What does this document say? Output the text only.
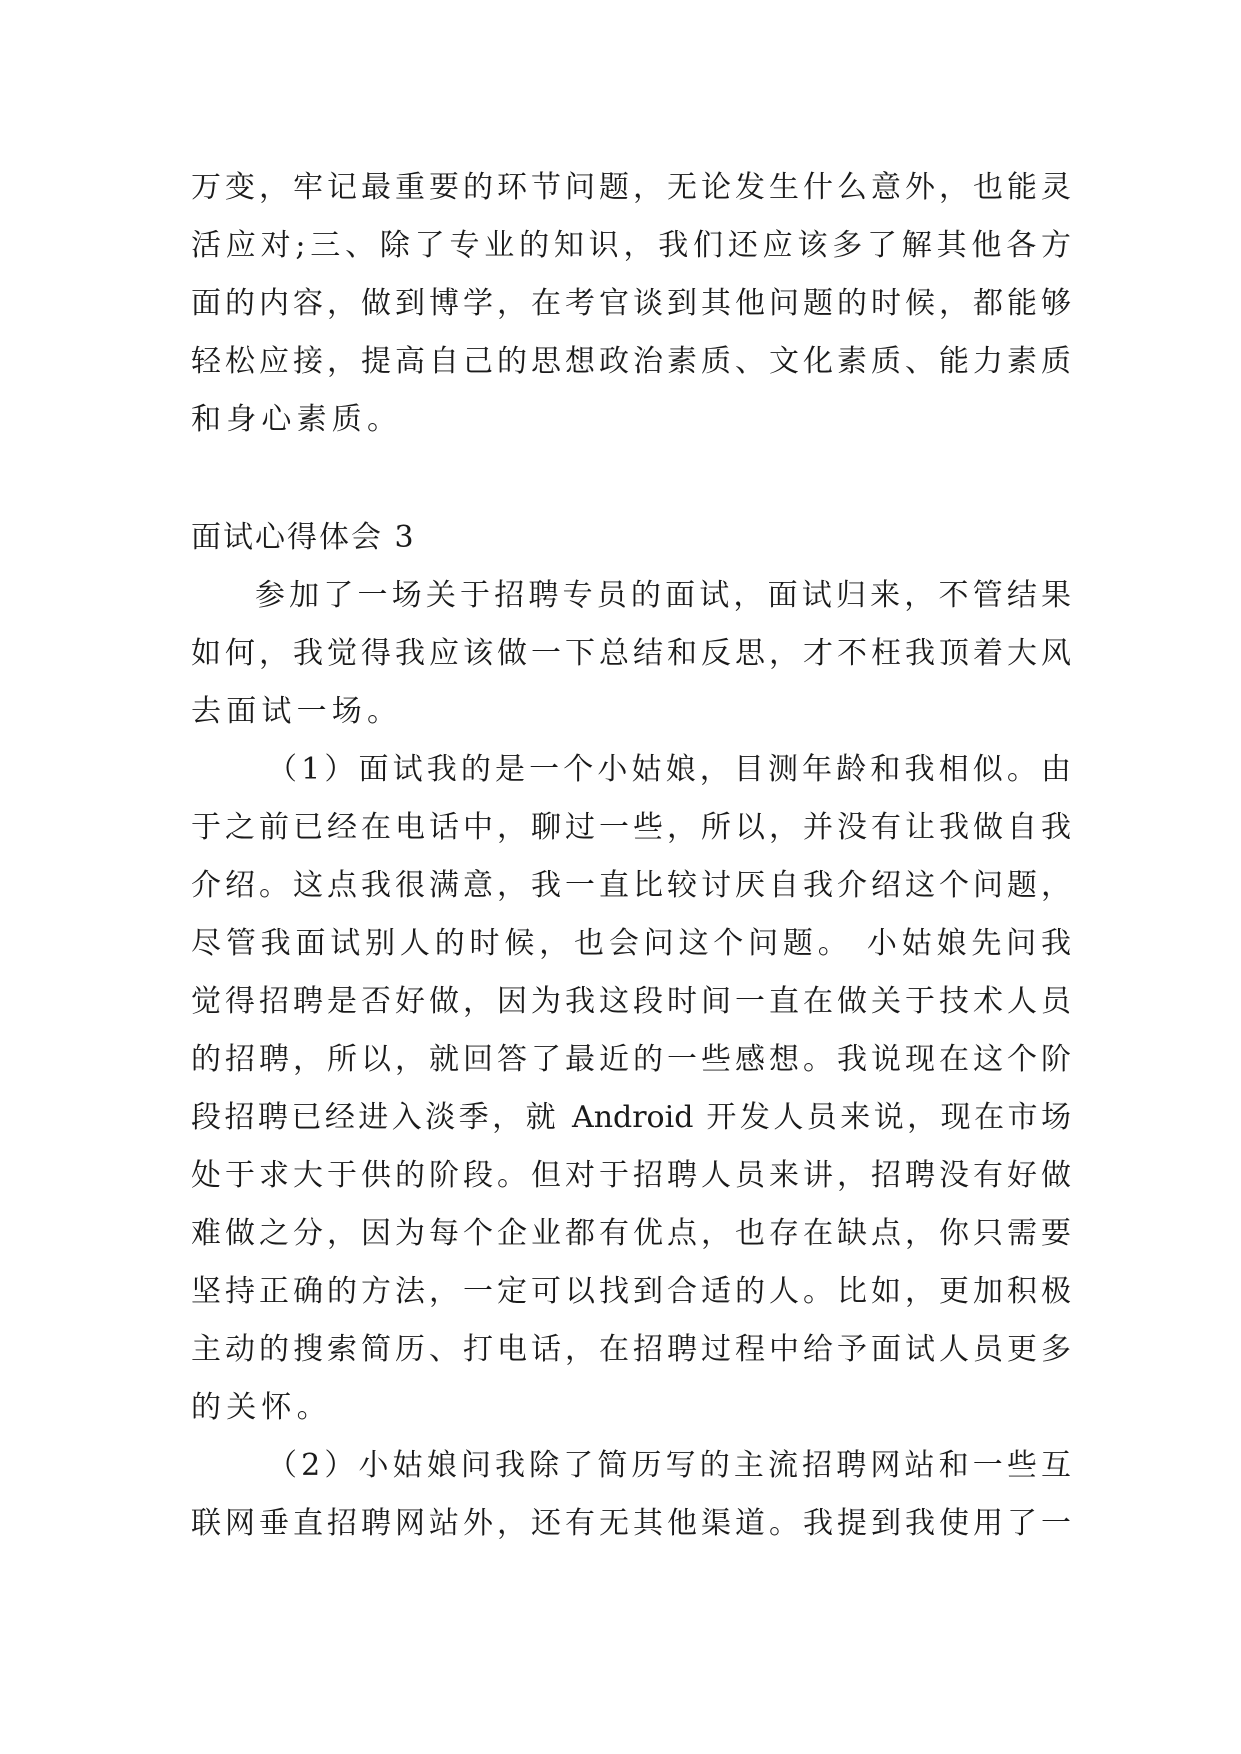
万变，牢记最重要的环节问题，无论发生什么意外，也能灵
活应对;三、除了专业的知识，我们还应该多了解其他各方
面的内容，做到博学，在考官谈到其他问题的时候，都能够
轻松应接，提高自己的思想政治素质、文化素质、能力素质
和身心素质。
面试心得体会 3
参加了一场关于招聘专员的面试，面试归来，不管结果
如何，我觉得我应该做一下总结和反思，才不枉我顶着大风
去面试一场。
（1）面试我的是一个小姑娘，目测年龄和我相似。由
于之前已经在电话中，聊过一些，所以，并没有让我做自我
介绍。这点我很满意，我一直比较讨厌自我介绍这个问题，
尽管我面试别人的时候，也会问这个问题。 小姑娘先问我
觉得招聘是否好做，因为我这段时间一直在做关于技术人员
的招聘，所以，就回答了最近的一些感想。我说现在这个阶
段招聘已经进入淡季，就 Android 开发人员来说，现在市场
处于求大于供的阶段。但对于招聘人员来讲，招聘没有好做
难做之分，因为每个企业都有优点，也存在缺点，你只需要
坚持正确的方法，一定可以找到合适的人。比如，更加积极
主动的搜索简历、打电话，在招聘过程中给予面试人员更多
的关怀。
（2）小姑娘问我除了简历写的主流招聘网站和一些互
联网垂直招聘网站外，还有无其他渠道。我提到我使用了一
